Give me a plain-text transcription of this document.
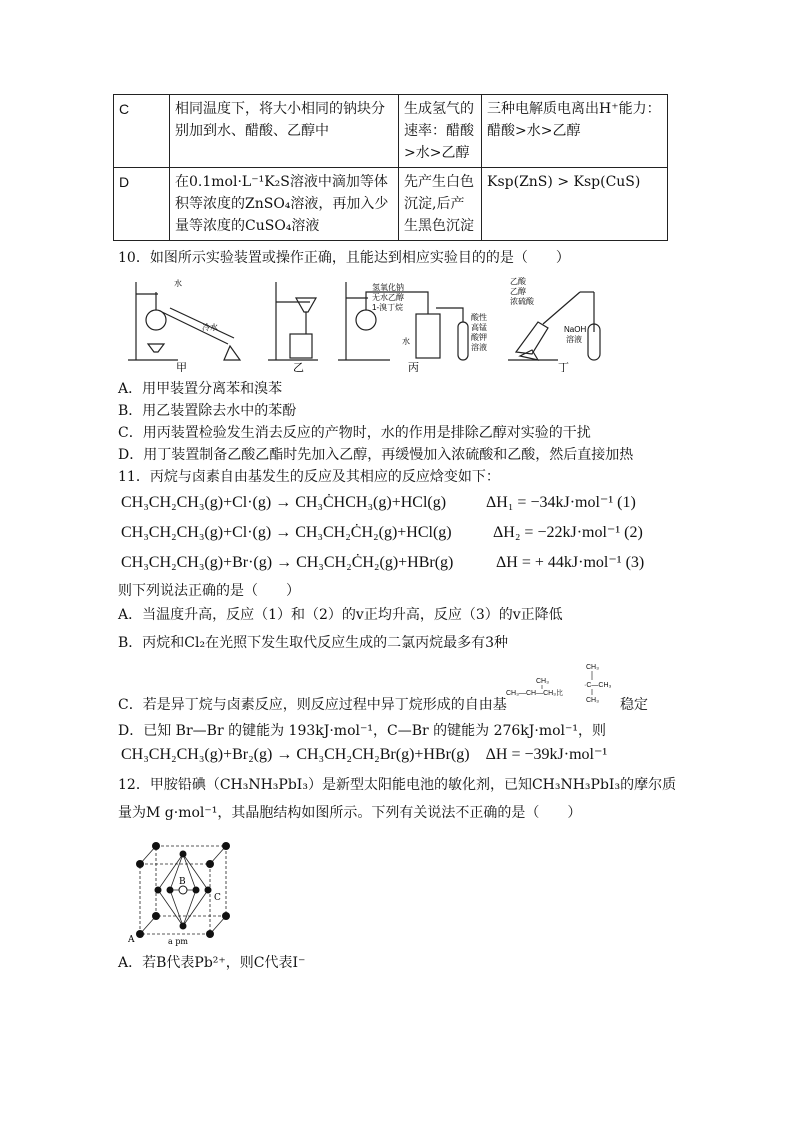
C	相同温度下，将大小相同的钠块分别加到水、醋酸、乙醇中	生成氢气的速率：醋酸>水>乙醇	三种电解质电离出H⁺能力：醋酸>水>乙醇
D	在0.1mol·L⁻¹K₂S溶液中滴加等体积等浓度的ZnSO₄溶液，再加入少量等浓度的CuSO₄溶液	先产生白色沉淀,后产生黑色沉淀	Ksp(ZnS) > Ksp(CuS)
10．如图所示实验装置或操作正确，且能达到相应实验目的的是（　　）
水
冷水
氢氧化钠
无水乙醇
1-溴丁烷
水
酸性
高锰
酸钾
溶液
乙酸
乙醇
浓硫酸
NaOH
溶液
甲	乙	丙	丁
A．用甲装置分离苯和溴苯
B．用乙装置除去水中的苯酚
C．用丙装置检验发生消去反应的产物时，水的作用是排除乙醇对实验的干扰
D．用丁装置制备乙酸乙酯时先加入乙醇，再缓慢加入浓硫酸和乙酸，然后直接加热
11．丙烷与卤素自由基发生的反应及其相应的反应焓变如下：
CH₃CH₂CH₃(g)+Cl·(g) → CH₃ĊHCH₃(g)+HCl(g) ΔH₁ = −34kJ·mol⁻¹ (1)
CH₃CH₂CH₃(g)+Cl·(g) → CH₃CH₂ĊH₂(g)+HCl(g)	ΔH₂ = −22kJ·mol⁻¹ (2)
CH₃CH₂CH₃(g)+Br·(g) → CH₃CH₂ĊH₂(g)+HBr(g)	ΔH = + 44kJ·mol⁻¹ (3)
则下列说法正确的是（　　）
A．当温度升高，反应（1）和（2）的v正均升高，反应（3）的v正降低
B．丙烷和Cl₂在光照下发生取代反应生成的二氯丙烷最多有3种
C．若是异丁烷与卤素反应，则反应过程中异丁烷形成的自由基
CH₃
CH₃
CH₃—CH—CH₃比
·C—CH₃
CH₃ 稳定
D．已知 Br—Br 的键能为 193kJ·mol⁻¹，C—Br 的键能为 276kJ·mol⁻¹，则
CH₃CH₂CH₃(g)+Br₂(g) → CH₃CH₂CH₂Br(g)+HBr(g)　ΔH = −39kJ·mol⁻¹
12．甲胺铅碘（CH₃NH₃PbI₃）是新型太阳能电池的敏化剂，已知CH₃NH₃PbI₃的摩尔质
量为M g·mol⁻¹，其晶胞结构如图所示。下列有关说法不正确的是（　　）
B
C
A	a pm
A．若B代表Pb²⁺，则C代表I⁻
